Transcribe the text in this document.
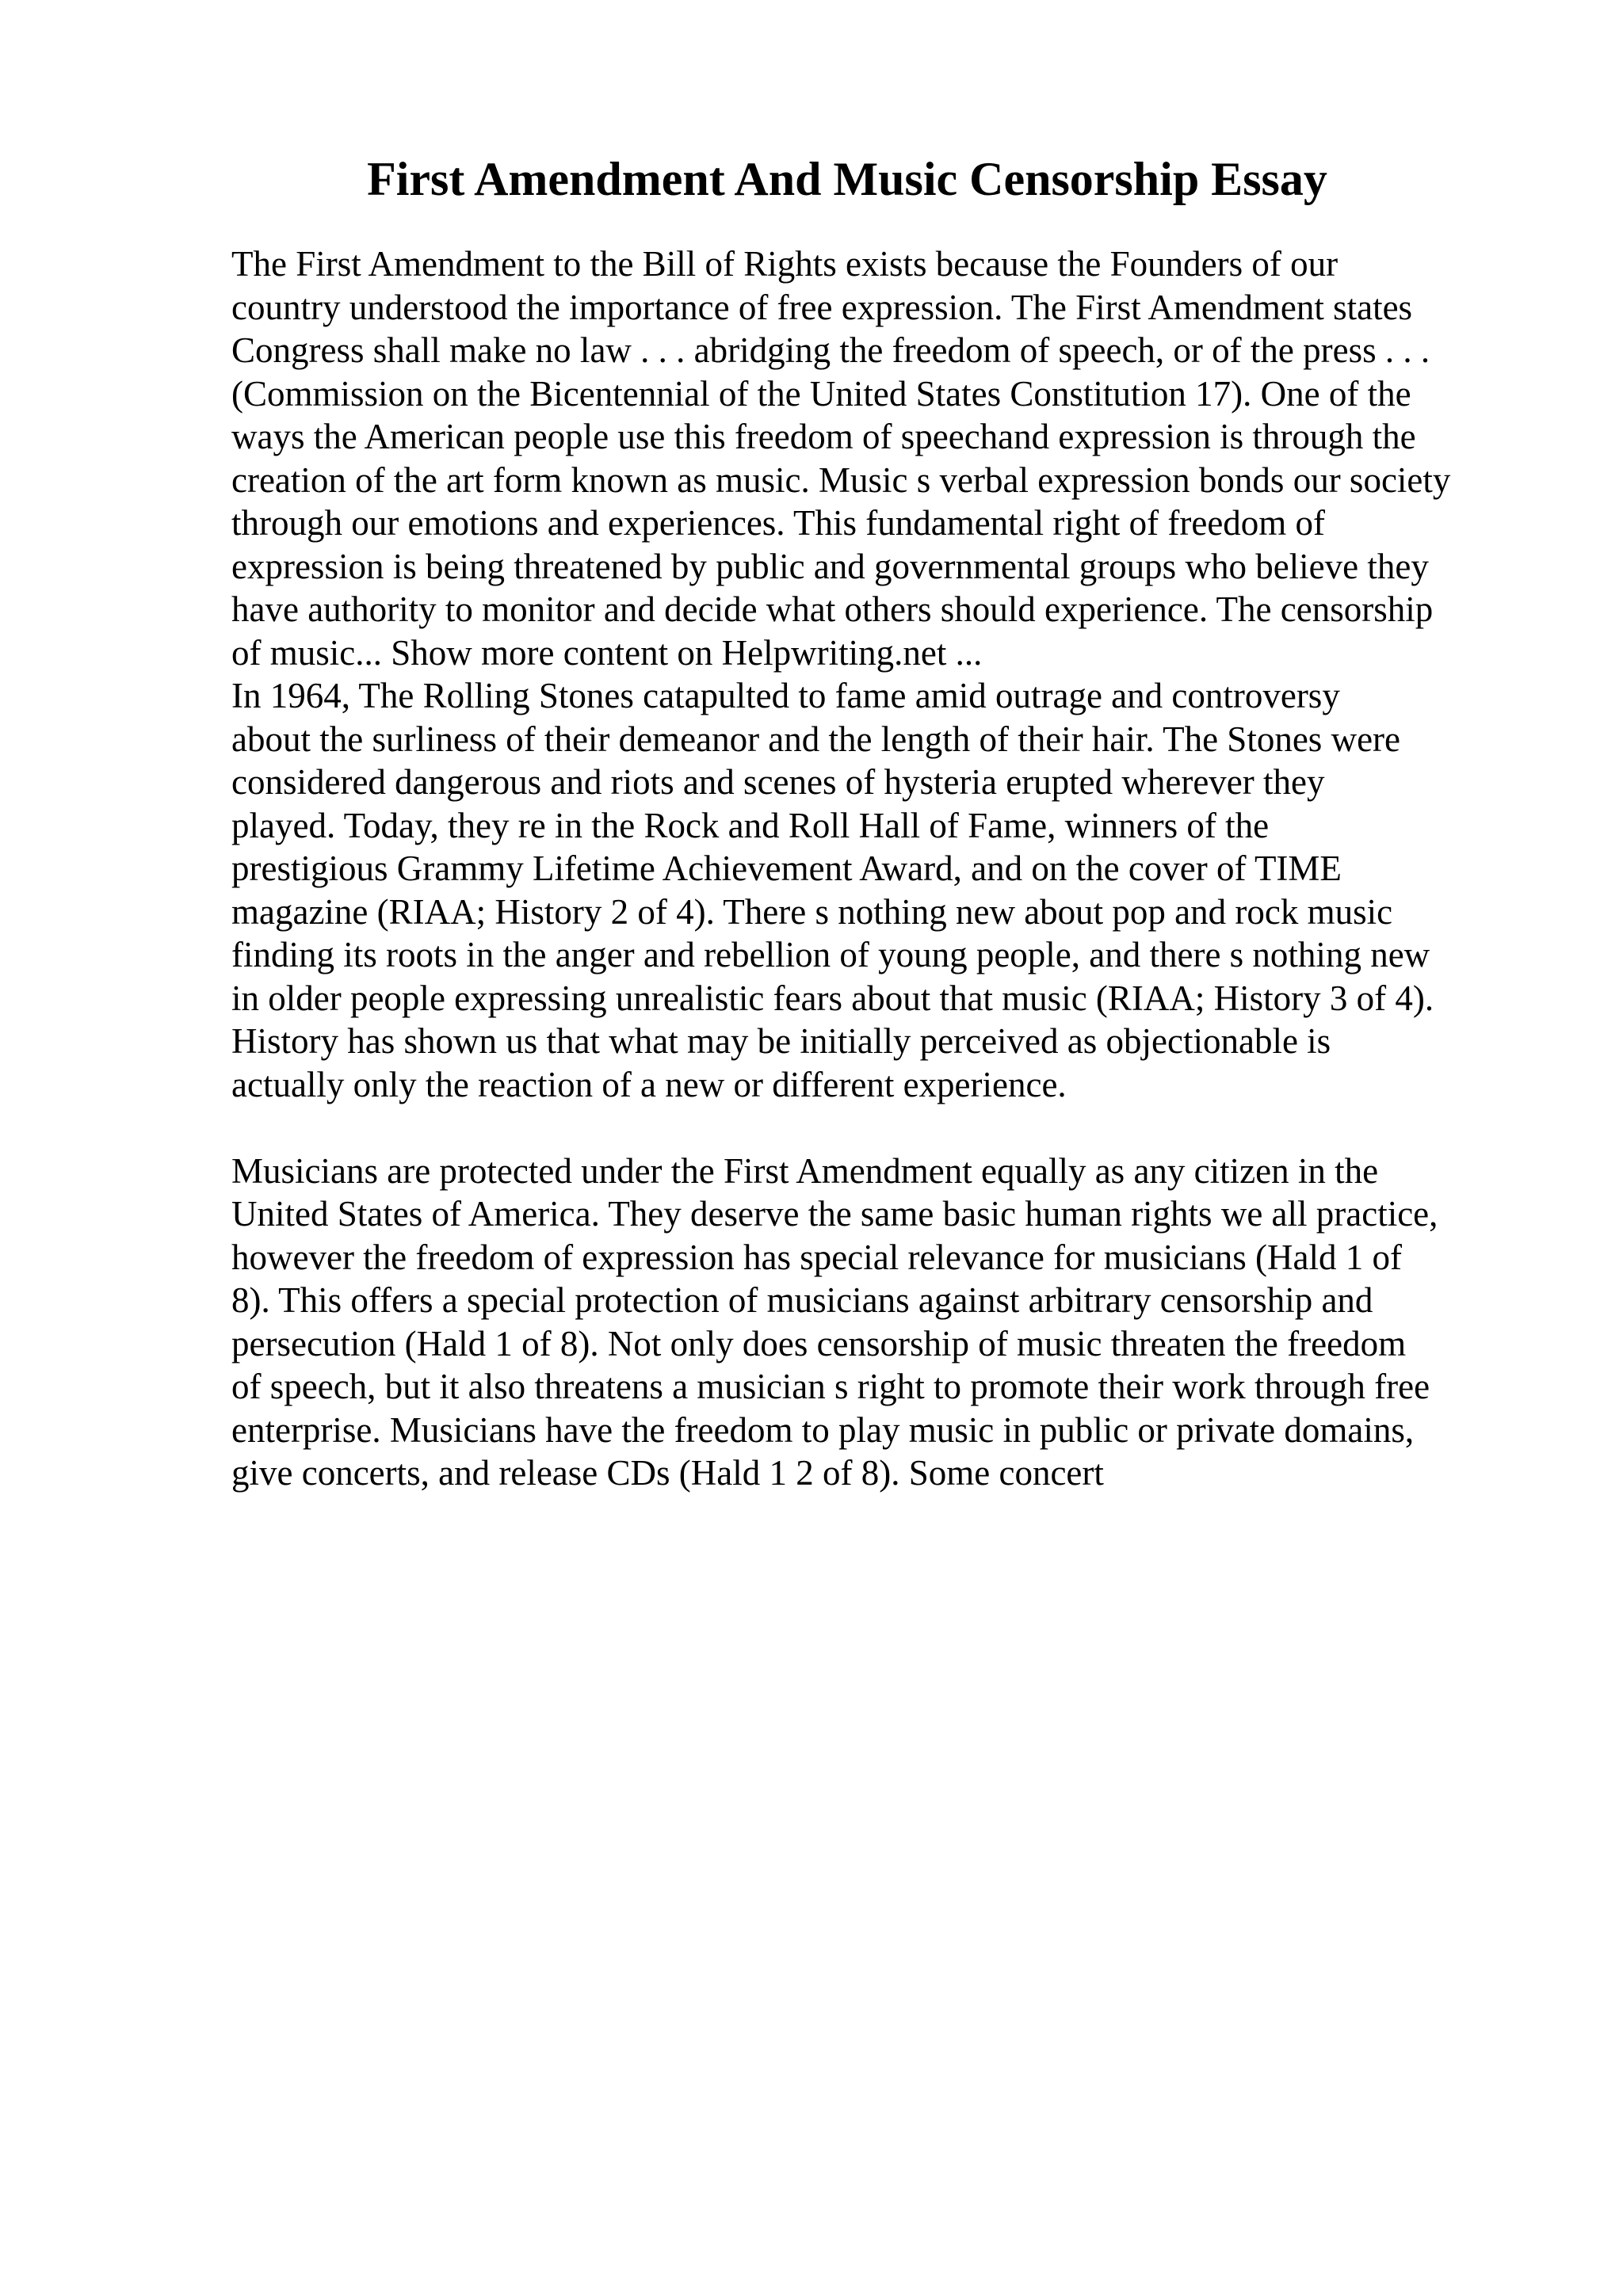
First Amendment And Music Censorship Essay
The First Amendment to the Bill of Rights exists because the Founders of our
country understood the importance of free expression. The First Amendment states
Congress shall make no law . . . abridging the freedom of speech, or of the press . . .
(Commission on the Bicentennial of the United States Constitution 17). One of the
ways the American people use this freedom of speechand expression is through the
creation of the art form known as music. Music s verbal expression bonds our society
through our emotions and experiences. This fundamental right of freedom of
expression is being threatened by public and governmental groups who believe they
have authority to monitor and decide what others should experience. The censorship
of music... Show more content on Helpwriting.net ...
In 1964, The Rolling Stones catapulted to fame amid outrage and controversy
about the surliness of their demeanor and the length of their hair. The Stones were
considered dangerous and riots and scenes of hysteria erupted wherever they
played. Today, they re in the Rock and Roll Hall of Fame, winners of the
prestigious Grammy Lifetime Achievement Award, and on the cover of TIME
magazine (RIAA; History 2 of 4). There s nothing new about pop and rock music
finding its roots in the anger and rebellion of young people, and there s nothing new
in older people expressing unrealistic fears about that music (RIAA; History 3 of 4).
History has shown us that what may be initially perceived as objectionable is
actually only the reaction of a new or different experience.
Musicians are protected under the First Amendment equally as any citizen in the
United States of America. They deserve the same basic human rights we all practice,
however the freedom of expression has special relevance for musicians (Hald 1 of
8). This offers a special protection of musicians against arbitrary censorship and
persecution (Hald 1 of 8). Not only does censorship of music threaten the freedom
of speech, but it also threatens a musician s right to promote their work through free
enterprise. Musicians have the freedom to play music in public or private domains,
give concerts, and release CDs (Hald 1 2 of 8). Some concert
